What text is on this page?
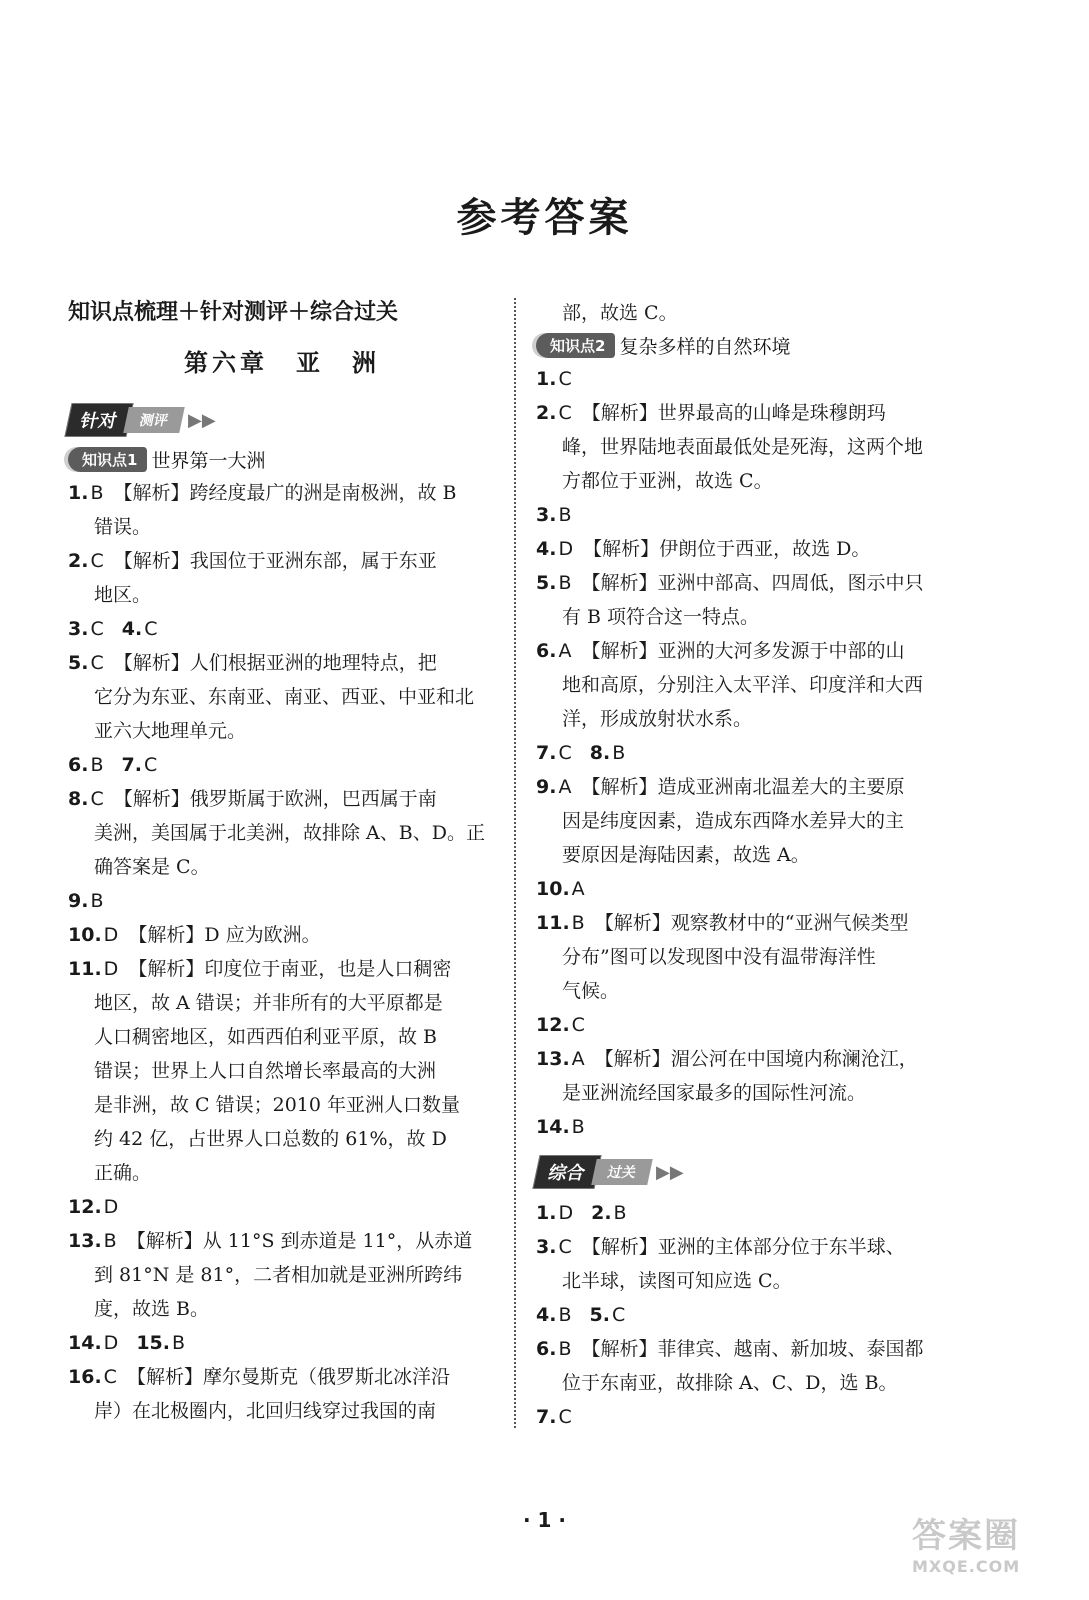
参考答案
知识点梳理＋针对测评＋综合过关
第六章　亚　洲
针对	测评	▶▶
知识点1 世界第一大洲
1. B 【解析】跨经度最广的洲是南极洲，故 B
错误。
2. C 【解析】我国位于亚洲东部，属于东亚
地区。
3. C 4. C
5. C 【解析】人们根据亚洲的地理特点，把
它分为东亚、东南亚、南亚、西亚、中亚和北
亚六大地理单元。
6. B 7. C
8. C 【解析】俄罗斯属于欧洲，巴西属于南
美洲，美国属于北美洲，故排除 A、B、D。正
确答案是 C。
9. B
10. D 【解析】D 应为欧洲。
11. D 【解析】印度位于南亚，也是人口稠密
地区，故 A 错误；并非所有的大平原都是
人口稠密地区，如西西伯利亚平原，故 B
错误；世界上人口自然增长率最高的大洲
是非洲，故 C 错误；2010 年亚洲人口数量
约 42 亿，占世界人口总数的 61%，故 D
正确。
12. D
13. B 【解析】从 11°S 到赤道是 11°，从赤道
到 81°N 是 81°，二者相加就是亚洲所跨纬
度，故选 B。
14. D 15. B
16. C 【解析】摩尔曼斯克（俄罗斯北冰洋沿
岸）在北极圈内，北回归线穿过我国的南
部，故选 C。
知识点2 复杂多样的自然环境
1. C
2. C 【解析】世界最高的山峰是珠穆朗玛
峰，世界陆地表面最低处是死海，这两个地
方都位于亚洲，故选 C。
3. B
4. D 【解析】伊朗位于西亚，故选 D。
5. B 【解析】亚洲中部高、四周低，图示中只
有 B 项符合这一特点。
6. A 【解析】亚洲的大河多发源于中部的山
地和高原，分别注入太平洋、印度洋和大西
洋，形成放射状水系。
7. C 8. B
9. A 【解析】造成亚洲南北温差大的主要原
因是纬度因素，造成东西降水差异大的主
要原因是海陆因素，故选 A。
10. A
11. B 【解析】观察教材中的“亚洲气候类型
分布”图可以发现图中没有温带海洋性
气候。
12. C
13. A 【解析】湄公河在中国境内称澜沧江，
是亚洲流经国家最多的国际性河流。
14. B
综合	过关	▶▶
1. D 2. B
3. C 【解析】亚洲的主体部分位于东半球、
北半球，读图可知应选 C。
4. B 5. C
6. B 【解析】菲律宾、越南、新加坡、泰国都
位于东南亚，故排除 A、C、D，选 B。
7. C
· 1 ·	答案圈
MXQE.COM
